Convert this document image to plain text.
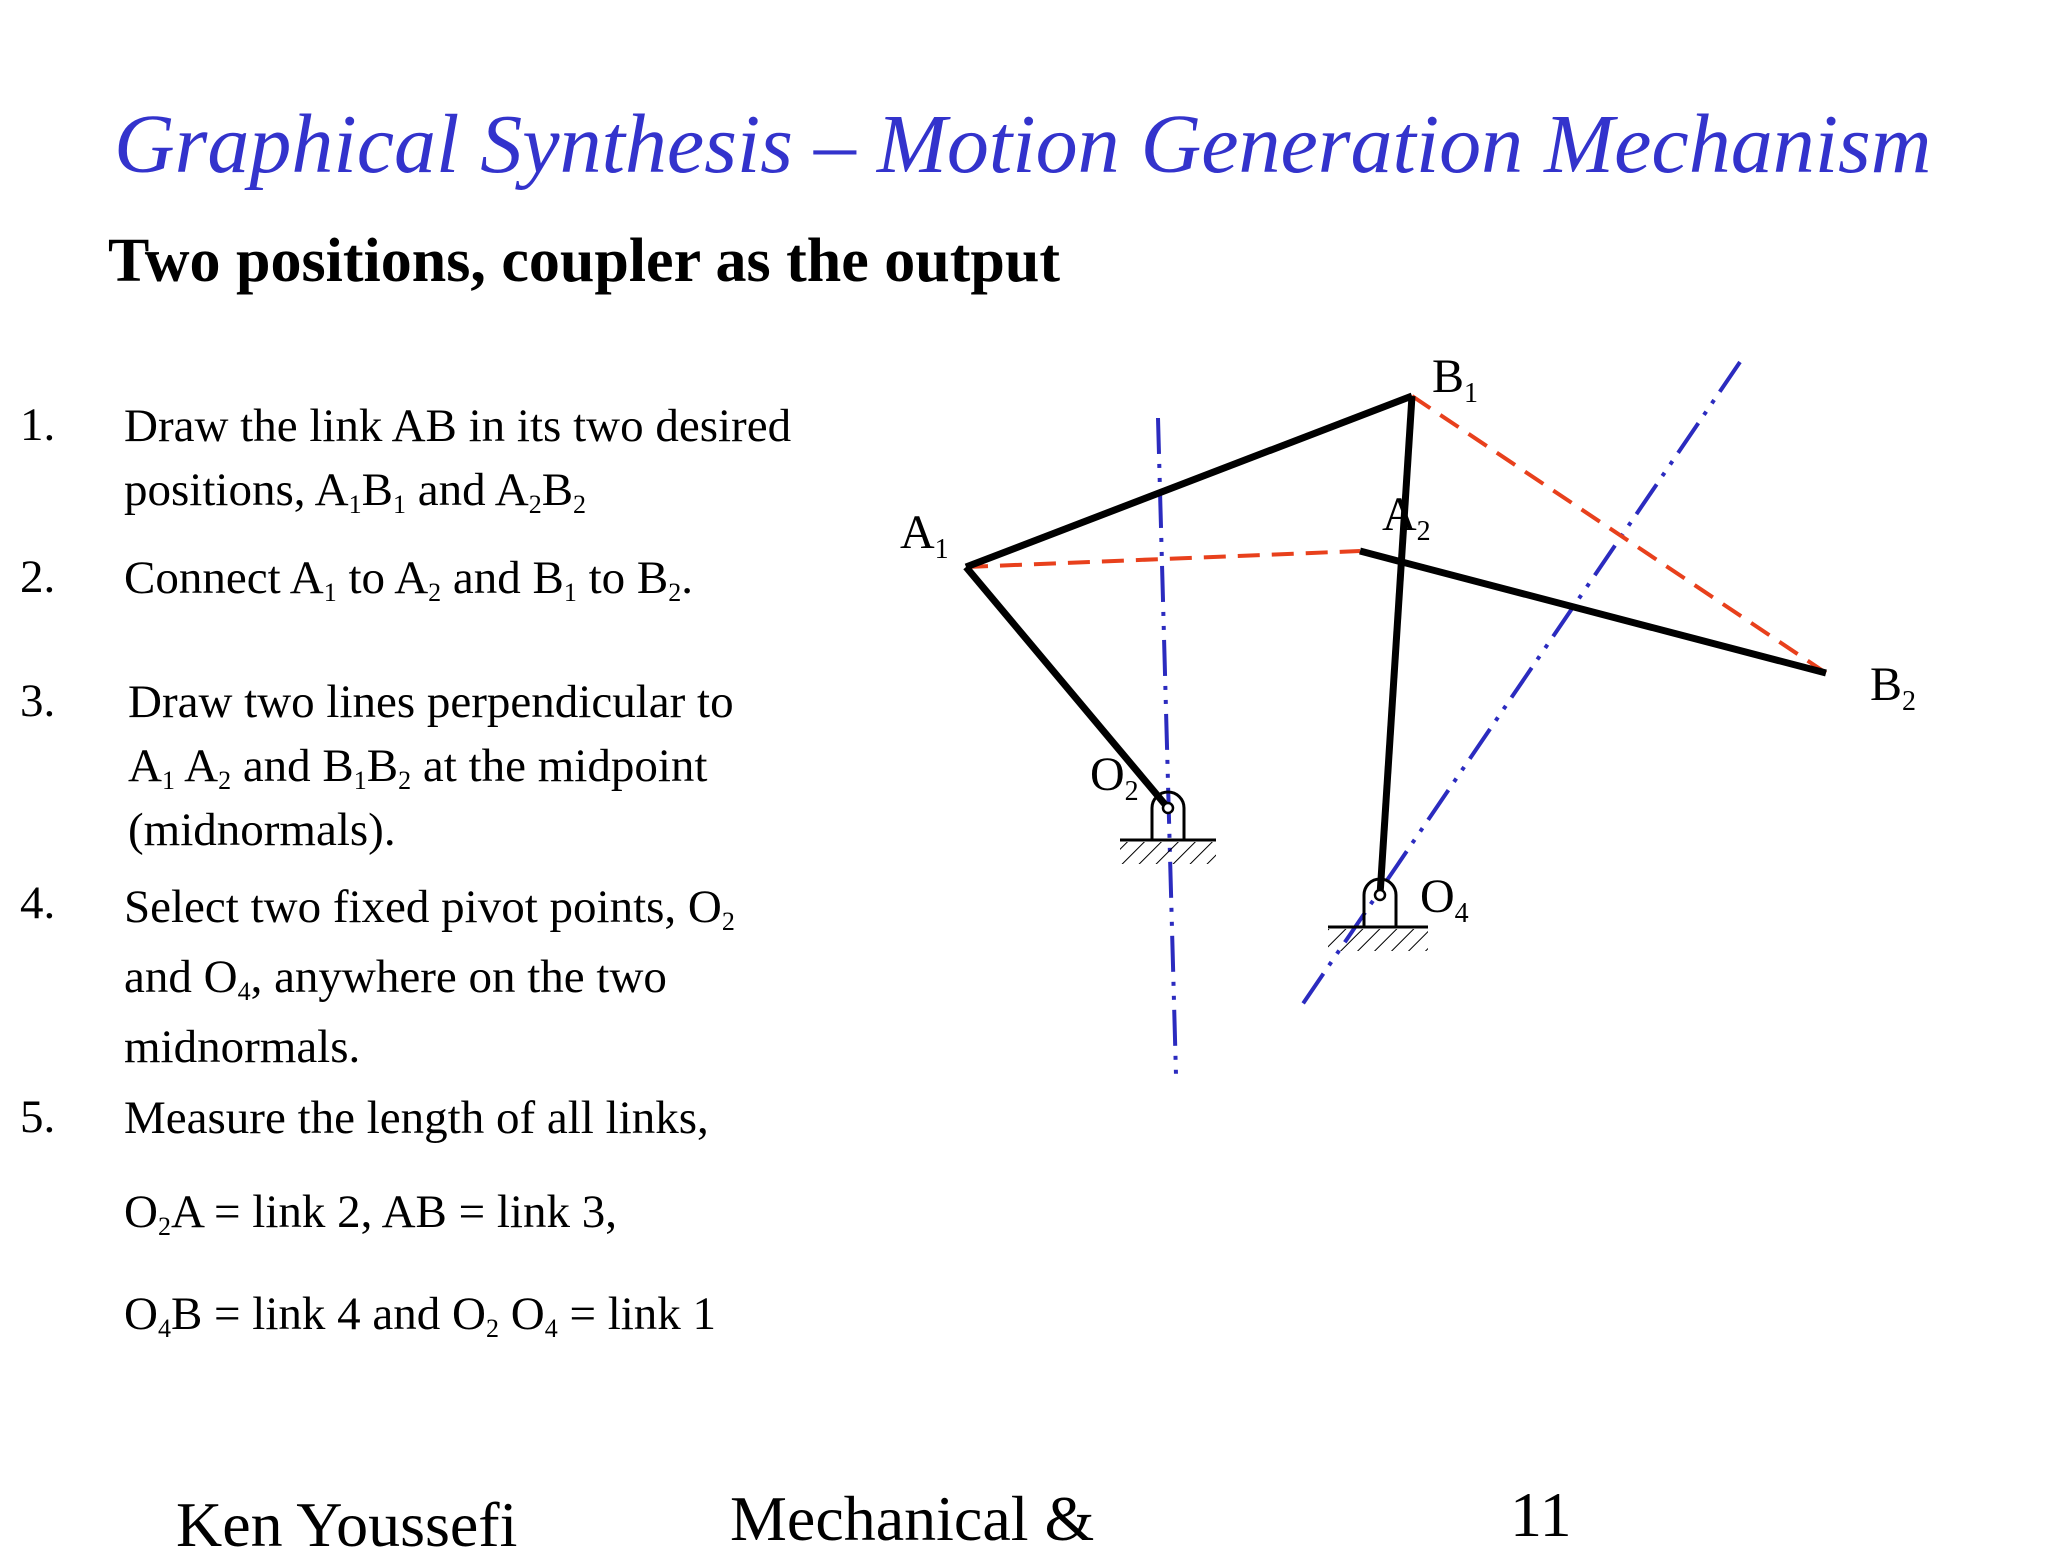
Graphical Synthesis – Motion Generation Mechanism
Two positions, coupler as the output
1. Draw the link AB in its two desired
positions, $A_1B_1$ and $A_2B_2$
2. Connect $A_1$ to $A_2$ and $B_1$ to $B_2$.
3. Draw two lines perpendicular to
$A_1$ $A_2$ and $B_1B_2$ at the midpoint
(midnormals).
4. Select two fixed pivot points, $O_2$
and $O_4$, anywhere on the two
midnormals.
5. Measure the length of all links,
$O_2A$ = link 2, AB = link 3,
$O_4B$ = link 4 and $O_2$ $O_4$ = link 1
$A_1$
$B_1$
$A_2$
$B_2$
$O_2$
$O_4$
Ken Youssefi	Mechanical &	11
